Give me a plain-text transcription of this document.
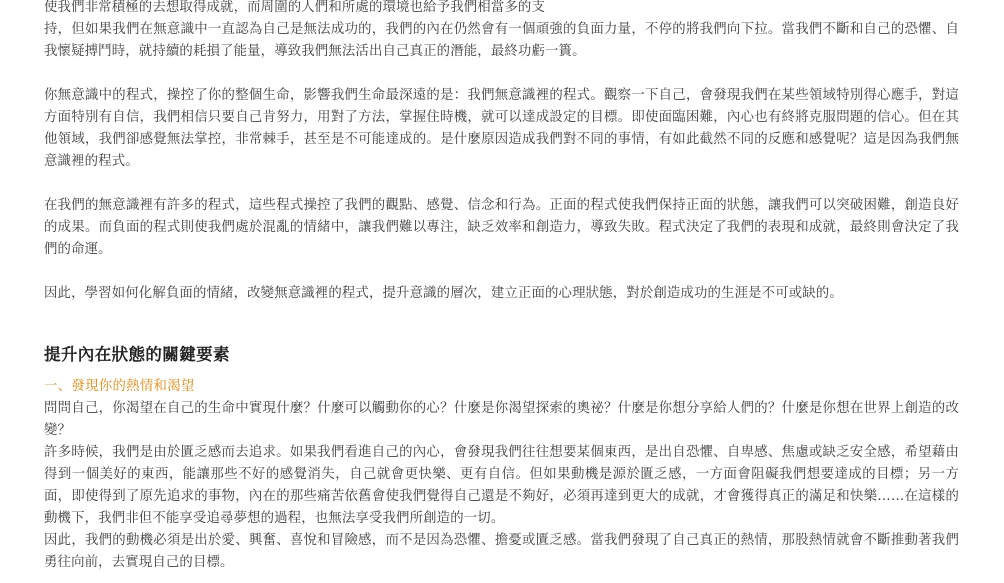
使我們非常積極的去想取得成就，而周圍的人們和所處的環境也給予我們相當多的支
持，但如果我們在無意識中一直認為自己是無法成功的，我們的內在仍然會有一個頑強的負面力量，不停的將我們向下拉。當我們不斷和自己的恐懼、自我懷疑搏鬥時，就持續的耗損了能量，導致我們無法活出自己真正的潛能，最終功虧一簣。

你無意識中的程式，操控了你的整個生命，影響我們生命最深遠的是：我們無意識裡的程式。觀察一下自己，會發現我們在某些領域特別得心應手，對這方面特別有自信，我們相信只要自己肯努力，用對了方法，掌握住時機，就可以達成設定的目標。即使面臨困難，內心也有終將克服問題的信心。但在其他領域，我們卻感覺無法掌控，非常棘手，甚至是不可能達成的。是什麼原因造成我們對不同的事情，有如此截然不同的反應和感覺呢？這是因為我們無意識裡的程式。

在我們的無意識裡有許多的程式，這些程式操控了我們的觀點、感覺、信念和行為。正面的程式使我們保持正面的狀態，讓我們可以突破困難，創造良好的成果。而負面的程式則使我們處於混亂的情緒中，讓我們難以專注，缺乏效率和創造力，導致失敗。程式決定了我們的表現和成就，最終則會決定了我們的命運。

因此，學習如何化解負面的情緒，改變無意識裡的程式，提升意識的層次，建立正面的心理狀態，對於創造成功的生涯是不可或缺的。

提升內在狀態的關鍵要素
一、發現你的熱情和渴望

問問自己，你渴望在自己的生命中實現什麼？什麼可以觸動你的心？什麼是你渴望探索的奧祕？什麼是你想分享給人們的？什麼是你想在世界上創造的改變？

許多時候，我們是由於匱乏感而去追求。如果我們看進自己的內心，會發現我們往往想要某個東西，是出自恐懼、自卑感、焦慮或缺乏安全感，希望藉由得到一個美好的東西，能讓那些不好的感覺消失，自己就會更快樂、更有自信。但如果動機是源於匱乏感，一方面會阻礙我們想要達成的目標；另一方面，即使得到了原先追求的事物，內在的那些痛苦依舊會使我們覺得自己還是不夠好，必須再達到更大的成就，才會獲得真正的滿足和快樂……在這樣的動機下，我們非但不能享受追尋夢想的過程，也無法享受我們所創造的一切。

因此，我們的動機必須是出於愛、興奮、喜悅和冒險感，而不是因為恐懼、擔憂或匱乏感。當我們發現了自己真正的熱情，那股熱情就會不斷推動著我們勇往向前，去實現自己的目標。
